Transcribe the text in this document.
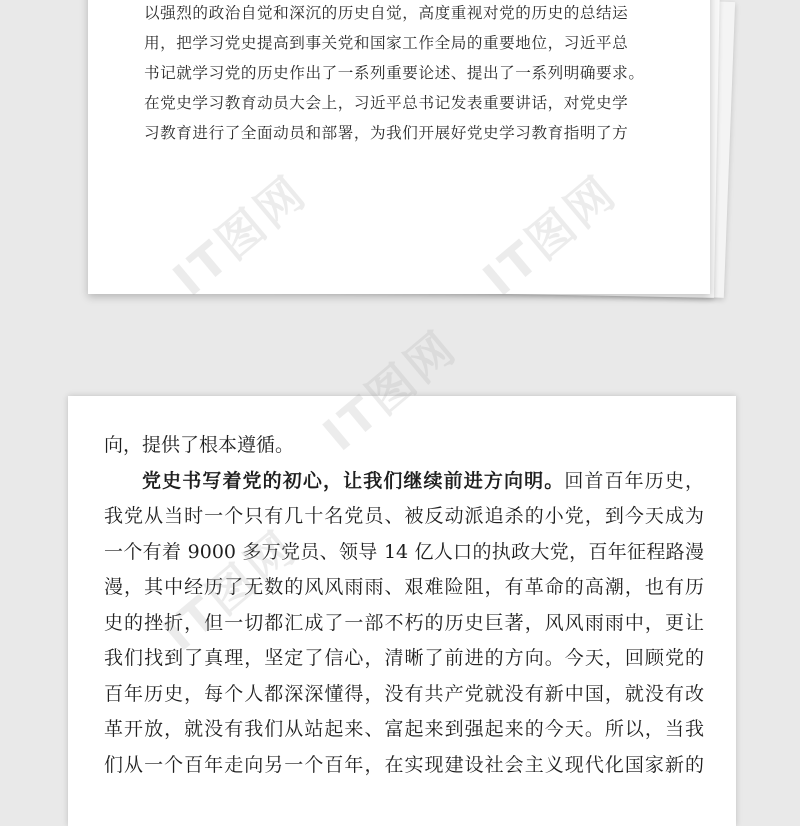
以强烈的政治自觉和深沉的历史自觉，高度重视对党的历史的总结运
用，把学习党史提高到事关党和国家工作全局的重要地位，习近平总
书记就学习党的历史作出了一系列重要论述、提出了一系列明确要求。
在党史学习教育动员大会上，习近平总书记发表重要讲话，对党史学
习教育进行了全面动员和部署，为我们开展好党史学习教育指明了方
向，提供了根本遵循。
党史书写着党的初心，让我们继续前进方向明。回首百年历史，
我党从当时一个只有几十名党员、被反动派追杀的小党，到今天成为
一个有着 9000 多万党员、领导 14 亿人口的执政大党，百年征程路漫
漫，其中经历了无数的风风雨雨、艰难险阻，有革命的高潮，也有历
史的挫折，但一切都汇成了一部不朽的历史巨著，风风雨雨中，更让
我们找到了真理，坚定了信心，清晰了前进的方向。今天，回顾党的
百年历史，每个人都深深懂得，没有共产党就没有新中国，就没有改
革开放，就没有我们从站起来、富起来到强起来的今天。所以，当我
们从一个百年走向另一个百年，在实现建设社会主义现代化国家新的
IT图网	IT图网
IT图网
IT图网
